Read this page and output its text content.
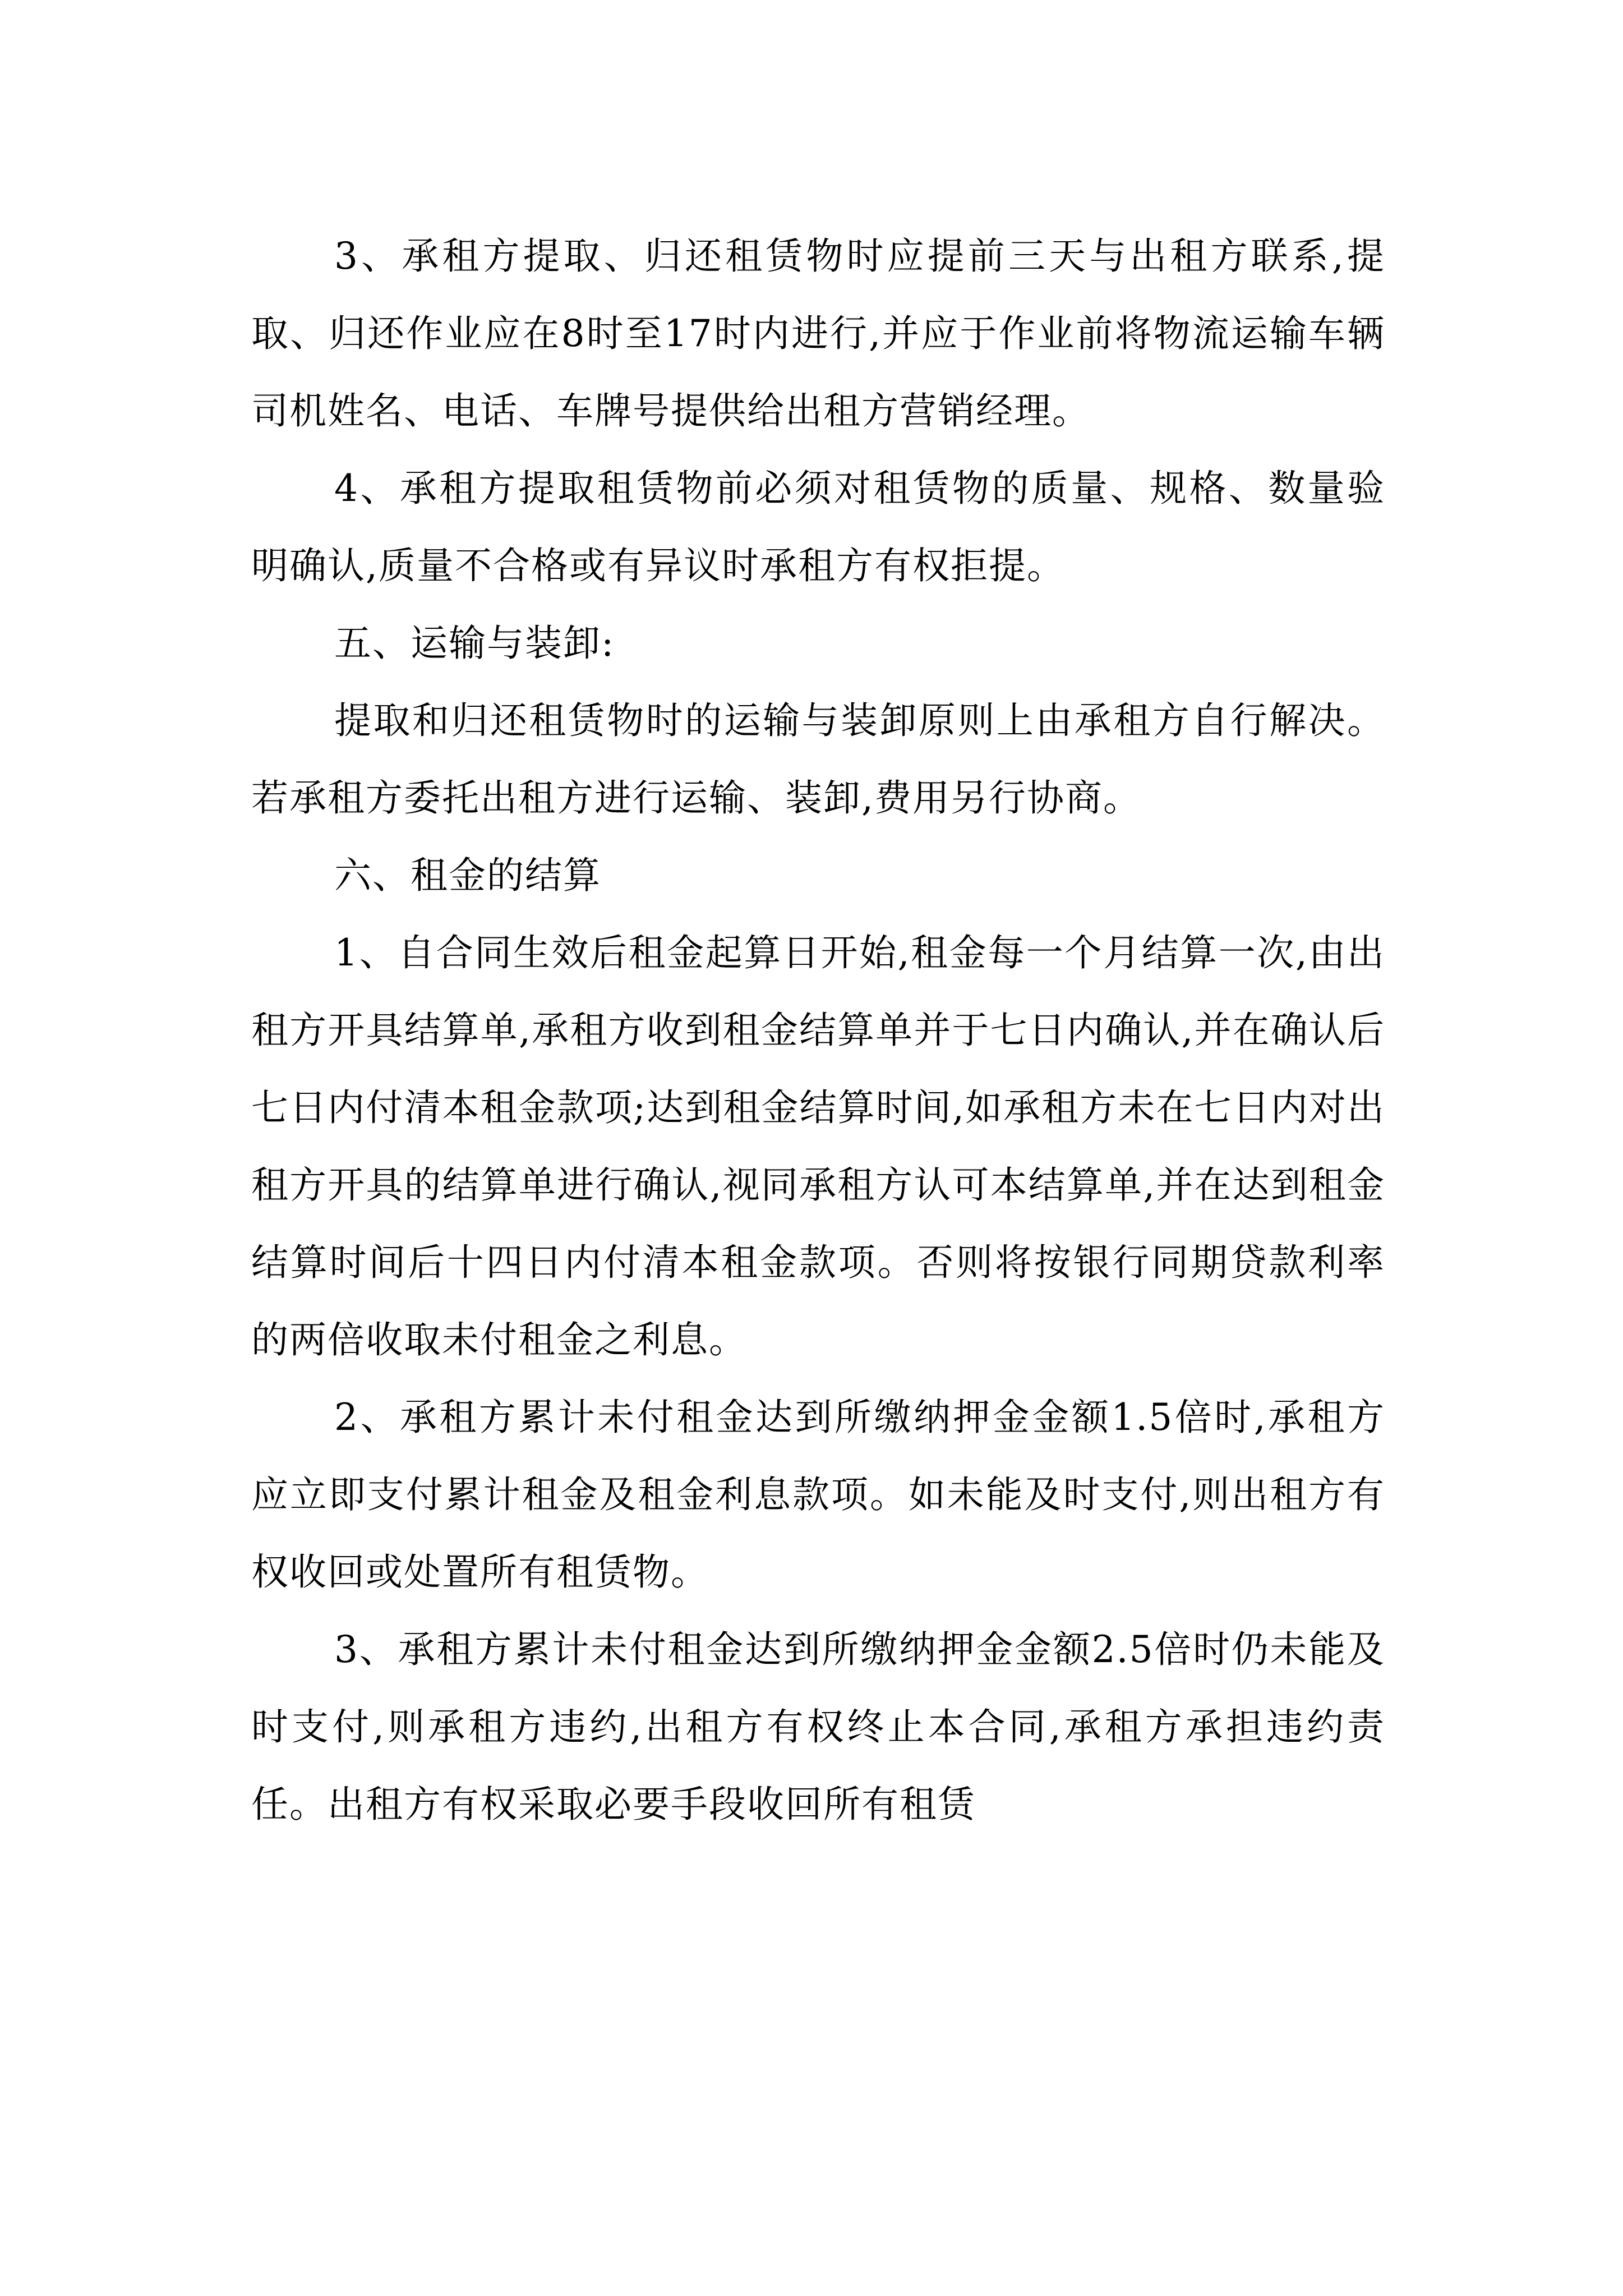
3、承租方提取、归还租赁物时应提前三天与出租方联系,提取、归还作业应在8时至17时内进行,并应于作业前将物流运输车辆司机姓名、电话、车牌号提供给出租方营销经理。

4、承租方提取租赁物前必须对租赁物的质量、规格、数量验明确认,质量不合格或有异议时承租方有权拒提。

五、运输与装卸:

提取和归还租赁物时的运输与装卸原则上由承租方自行解决。若承租方委托出租方进行运输、装卸,费用另行协商。

六、租金的结算

1、自合同生效后租金起算日开始,租金每一个月结算一次,由出租方开具结算单,承租方收到租金结算单并于七日内确认,并在确认后七日内付清本租金款项;达到租金结算时间,如承租方未在七日内对出租方开具的结算单进行确认,视同承租方认可本结算单,并在达到租金结算时间后十四日内付清本租金款项。否则将按银行同期贷款利率的两倍收取未付租金之利息。

2、承租方累计未付租金达到所缴纳押金金额1.5倍时,承租方应立即支付累计租金及租金利息款项。如未能及时支付,则出租方有权收回或处置所有租赁物。

3、承租方累计未付租金达到所缴纳押金金额2.5倍时仍未能及时支付,则承租方违约,出租方有权终止本合同,承租方承担违约责任。出租方有权采取必要手段收回所有租赁
